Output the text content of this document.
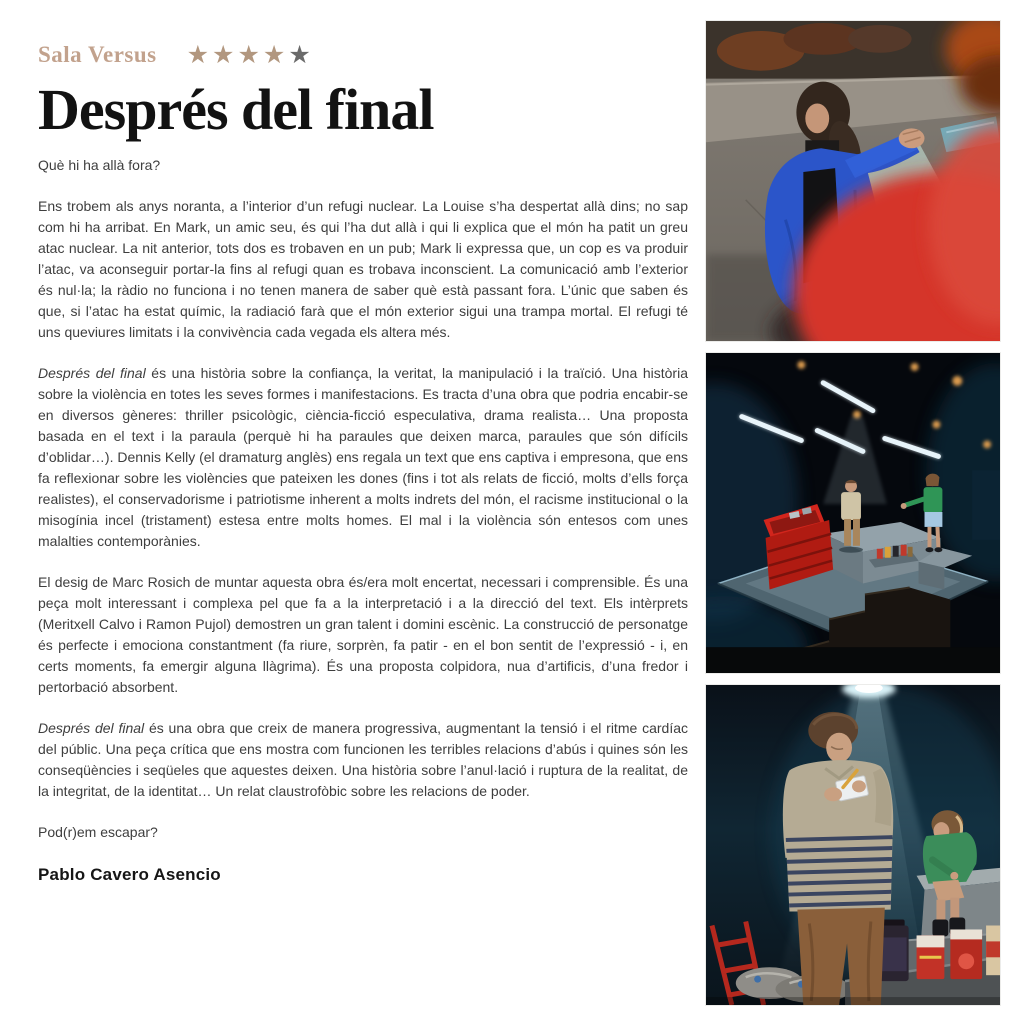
Sala Versus ★★★★★
Després del final

Què hi ha allà fora?

Ens trobem als anys noranta, a l’interior d’un refugi nuclear. La Louise s’ha despertat allà dins; no sap com hi ha arribat. En Mark, un amic seu, és qui l’ha dut allà i qui li explica que el món ha patit un greu atac nuclear. La nit anterior, tots dos es trobaven en un pub; Mark li expressa que, un cop es va produir l’atac, va aconseguir portar-la fins al refugi quan es trobava inconscient. La comunicació amb l’exterior és nul·la; la ràdio no funciona i no tenen manera de saber què està passant fora. L’únic que saben és que, si l’atac ha estat químic, la radiació farà que el món exterior sigui una trampa mortal. El refugi té uns queviures limitats i la convivència cada vegada els altera més.

Després del final és una història sobre la confiança, la veritat, la manipulació i la traïció. Una història sobre la violència en totes les seves formes i manifestacions. Es tracta d’una obra que podria encabir-se en diversos gèneres: thriller psicològic, ciència-ficció especulativa, drama realista… Una proposta basada en el text i la paraula (perquè hi ha paraules que deixen marca, paraules que són difícils d’oblidar…). Dennis Kelly (el dramaturg anglès) ens regala un text que ens captiva i empresona, que ens fa reflexionar sobre les violències que pateixen les dones (fins i tot als relats de ficció, molts d’ells força realistes), el conservadorisme i patriotisme inherent a molts indrets del món, el racisme institucional o la misogínia incel (tristament) estesa entre molts homes. El mal i la violència són entesos com unes malalties contemporànies.

El desig de Marc Rosich de muntar aquesta obra és/era molt encertat, necessari i comprensible. És una peça molt interessant i complexa pel que fa a la interpretació i a la direcció del text. Els intèrprets (Meritxell Calvo i Ramon Pujol) demostren un gran talent i domini escènic. La construcció de personatge és perfecte i emociona constantment (fa riure, sorprèn, fa patir - en el bon sentit de l’expressió - i, en certs moments, fa emergir alguna llàgrima). És una proposta colpidora, nua d’artificis, d’una fredor i pertorbació absorbent.

Després del final és una obra que creix de manera progressiva, augmentant la tensió i el ritme cardíac del públic. Una peça crítica que ens mostra com funcionen les terribles relacions d’abús i quines són les conseqüències i seqüeles que aquestes deixen. Una història sobre l’anul·lació i ruptura de la realitat, de la integritat, de la identitat… Un relat claustrofòbic sobre les relacions de poder.

Pod(r)em escapar?

Pablo Cavero Asencio
